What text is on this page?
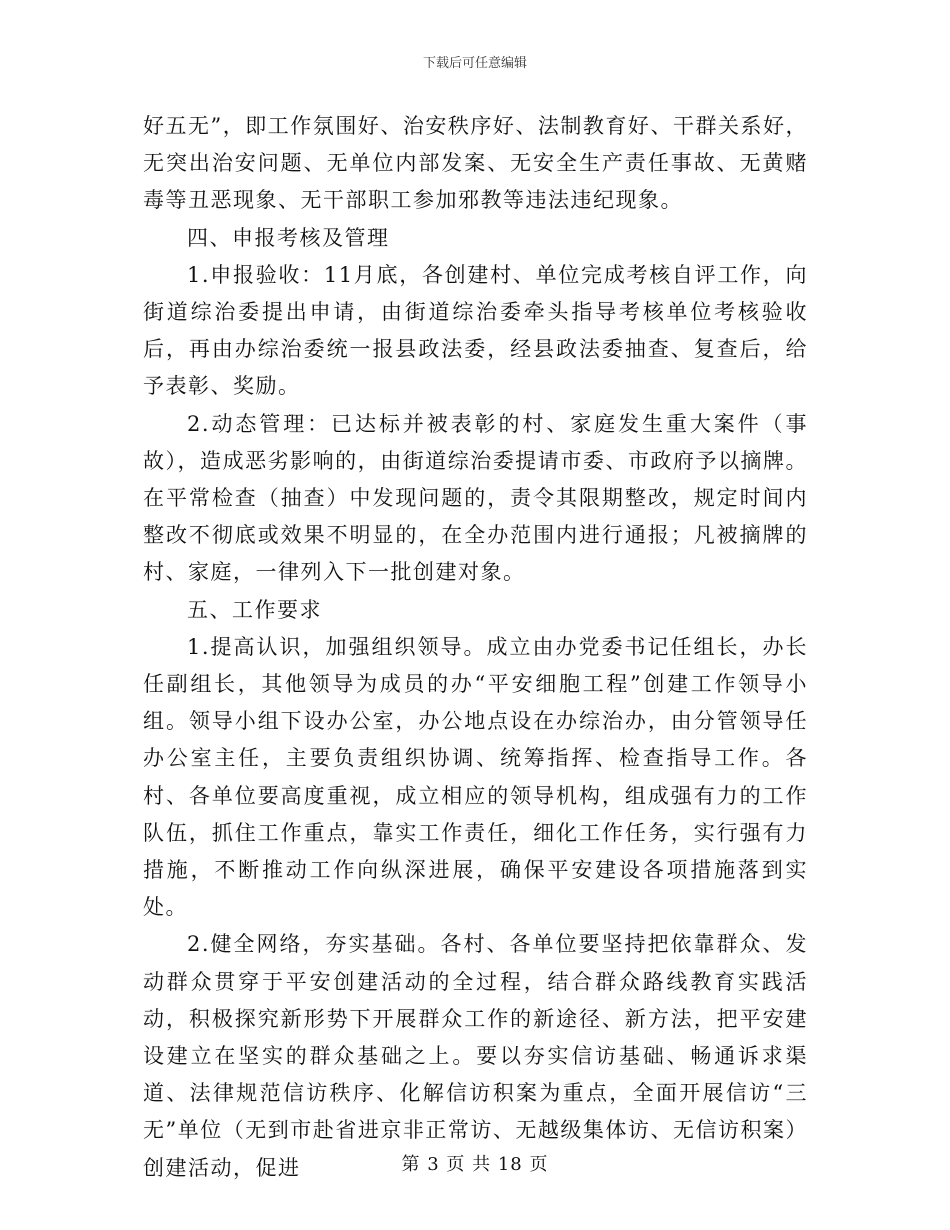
下载后可任意编辑

好五无”，即工作氛围好、治安秩序好、法制教育好、干群关系好，无突出治安问题、无单位内部发案、无安全生产责任事故、无黄赌毒等丑恶现象、无干部职工参加邪教等违法违纪现象。

四、申报考核及管理

1.申报验收：11月底，各创建村、单位完成考核自评工作，向街道综治委提出申请，由街道综治委牵头指导考核单位考核验收后，再由办综治委统一报县政法委，经县政法委抽查、复查后，给予表彰、奖励。

2.动态管理：已达标并被表彰的村、家庭发生重大案件（事故），造成恶劣影响的，由街道综治委提请市委、市政府予以摘牌。在平常检查（抽查）中发现问题的，责令其限期整改，规定时间内整改不彻底或效果不明显的，在全办范围内进行通报；凡被摘牌的村、家庭，一律列入下一批创建对象。

五、工作要求

1.提高认识，加强组织领导。成立由办党委书记任组长，办长任副组长，其他领导为成员的办“平安细胞工程”创建工作领导小组。领导小组下设办公室，办公地点设在办综治办，由分管领导任办公室主任，主要负责组织协调、统筹指挥、检查指导工作。各村、各单位要高度重视，成立相应的领导机构，组成强有力的工作队伍，抓住工作重点，靠实工作责任，细化工作任务，实行强有力措施，不断推动工作向纵深进展，确保平安建设各项措施落到实处。

2.健全网络，夯实基础。各村、各单位要坚持把依靠群众、发动群众贯穿于平安创建活动的全过程，结合群众路线教育实践活动，积极探究新形势下开展群众工作的新途径、新方法，把平安建设建立在坚实的群众基础之上。要以夯实信访基础、畅通诉求渠道、法律规范信访秩序、化解信访积案为重点，全面开展信访“三无”单位（无到市赴省进京非正常访、无越级集体访、无信访积案）创建活动，促进	第 3 页 共 18 页
